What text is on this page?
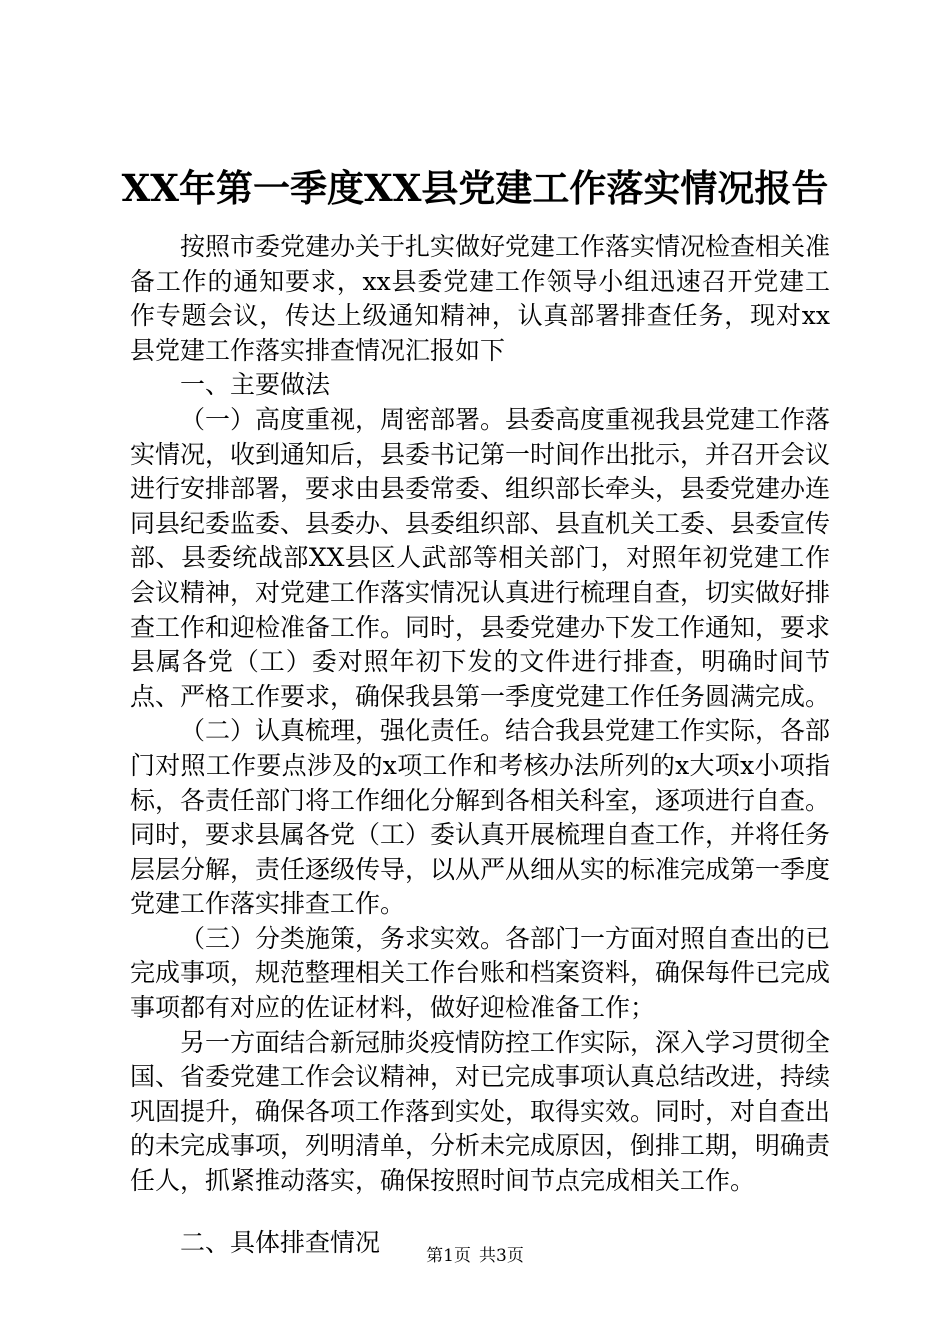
XX年第一季度XX县党建工作落实情况报告

按照市委党建办关于扎实做好党建工作落实情况检查相关准备工作的通知要求，xx县委党建工作领导小组迅速召开党建工作专题会议，传达上级通知精神，认真部署排查任务，现对xx县党建工作落实排查情况汇报如下

一、主要做法

（一）高度重视，周密部署。县委高度重视我县党建工作落实情况，收到通知后，县委书记第一时间作出批示，并召开会议进行安排部署，要求由县委常委、组织部长牵头，县委党建办连同县纪委监委、县委办、县委组织部、县直机关工委、县委宣传部、县委统战部XX县区人武部等相关部门，对照年初党建工作会议精神，对党建工作落实情况认真进行梳理自查，切实做好排查工作和迎检准备工作。同时，县委党建办下发工作通知，要求县属各党（工）委对照年初下发的文件进行排查，明确时间节点、严格工作要求，确保我县第一季度党建工作任务圆满完成。

（二）认真梳理，强化责任。结合我县党建工作实际，各部门对照工作要点涉及的x项工作和考核办法所列的x大项x小项指标，各责任部门将工作细化分解到各相关科室，逐项进行自查。同时，要求县属各党（工）委认真开展梳理自查工作，并将任务层层分解，责任逐级传导，以从严从细从实的标准完成第一季度党建工作落实排查工作。

（三）分类施策，务求实效。各部门一方面对照自查出的已完成事项，规范整理相关工作台账和档案资料，确保每件已完成事项都有对应的佐证材料，做好迎检准备工作；

另一方面结合新冠肺炎疫情防控工作实际，深入学习贯彻全国、省委党建工作会议精神，对已完成事项认真总结改进，持续巩固提升，确保各项工作落到实处，取得实效。同时，对自查出的未完成事项，列明清单，分析未完成原因，倒排工期，明确责任人，抓紧推动落实，确保按照时间节点完成相关工作。

二、具体排查情况	第1页 共3页
